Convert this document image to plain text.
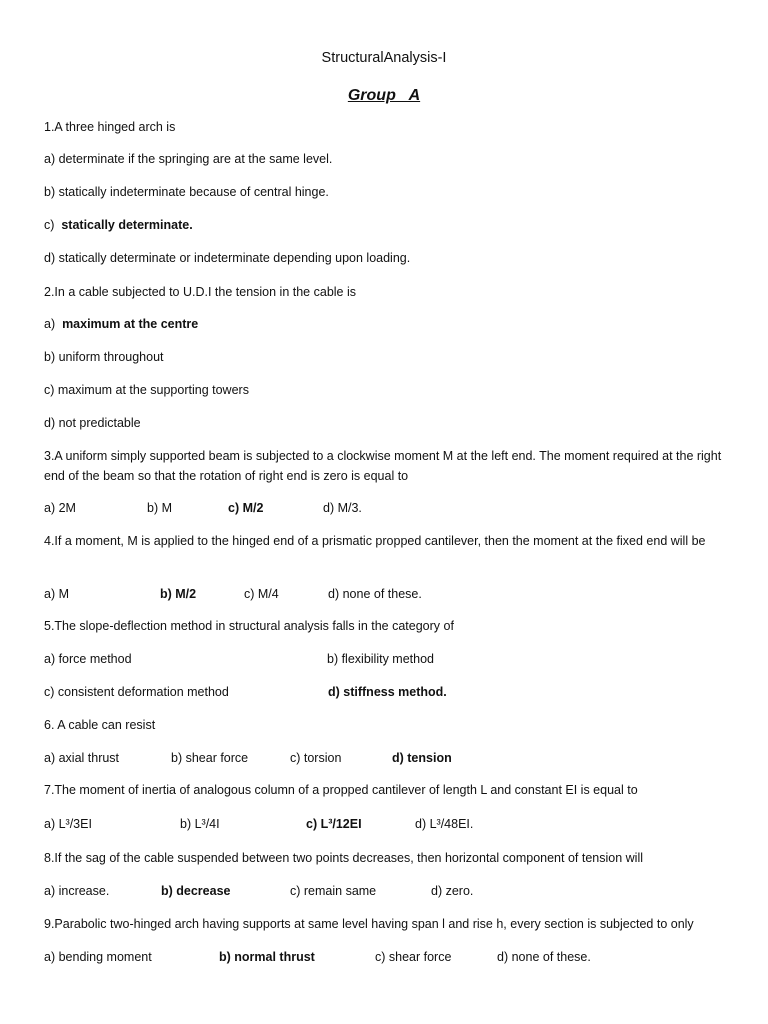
StructuralAnalysis-I
Group   A
1.A three hinged arch is
a) determinate if the springing are at the same level.
b) statically indeterminate because of central hinge.
c)  statically determinate.
d) statically determinate or indeterminate depending upon loading.
2.In a cable subjected to U.D.I the tension in the cable is
a)  maximum at the centre
b) uniform throughout
c) maximum at the supporting towers
d) not predictable
3.A uniform simply supported beam is subjected to a clockwise moment M at the left end. The moment required at the right end of the beam so that the rotation of right end is zero is equal to
a) 2M	b) M	c) M/2	d) M/3.
4.If a moment, M is applied to the hinged end of a prismatic propped cantilever, then the moment at the fixed end will be
a) M	b) M/2	c) M/4	d) none of these.
5.The slope-deflection method in structural analysis falls in the category of
a) force method	b) flexibility method
c) consistent deformation method	d) stiffness method.
6. A cable can resist
a) axial thrust	b) shear force	c) torsion	d) tension
7.The moment of inertia of analogous column of a propped cantilever of length L and constant EI is equal to
a) L³/3EI	b) L³/4I	c) L³/12EI	d) L³/48EI.
8.If the sag of the cable suspended between two points decreases, then horizontal component of tension will
a) increase.	b) decrease	c) remain same	d) zero.
9.Parabolic two-hinged arch having supports at same level having span l and rise h, every section is subjected to only
a) bending moment	b) normal thrust	c) shear force	d) none of these.
